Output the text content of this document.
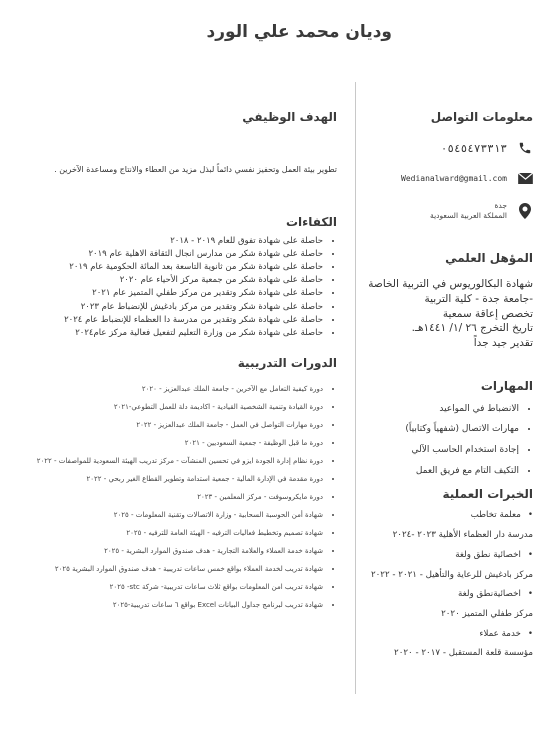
وديان محمد علي الورد
معلومات التواصل
٠٥٤٥٤٧٣٣١٣
Wedianalward@gmail.com
جدة
المملكة العربية السعودية
المؤهل العلمي
شهادة البكالوريوس في التربية الخاصة
-جامعة جدة - كلية التربية
تخصص إعاقة سمعية
تاريخ التخرج ٢٦ /١/ ١٤٤١هـ.
تقدير جيد جداً
المهارات
• الانضباط في المواعيد
• مهارات الاتصال (شفهياً وكتابياً)
• إجادة استخدام الحاسب الآلي
• التكيف التام مع فريق العمل
الخبرات العملية
• معلمة تخاطب
مدرسة دار العظماء الأهلية ٢٠٢٣ -٢٠٢٤
• اخصائية نطق ولغة
مركز بادغيش للرعاية والتأهيل - ٢٠٢١ - ٢٠٢٢
• اخصائيةنطق ولغة
مركز طفلي المتميز ٢٠٢٠
• خدمة عملاء
مؤسسة قلعة المستقبل - ٢٠١٧ - ٢٠٢٠
الهدف الوظيفي
تطوير بيئة العمل وتحفيز نفسي دائماً لبذل مزيد من العطاء والانتاج ومساعدة الآخرين .
الكفاءات
• حاصلة على شهادة تفوق للعام ٢٠١٩ - ٢٠١٨
• حاصلة على شهادة شكر من مدارس انجال الثقافة الاهلية عام ٢٠١٩
• حاصلة على شهادة شكر من ثانوية التاسعة بعد المائة الحكومية عام ٢٠١٩
• حاصلة على شهادة شكر من جمعية مركز الأحياء عام ٢٠٢٠
• حاصلة على شهادة شكر وتقدير من مركز طفلي المتميز عام ٢٠٢١
• حاصلة على شهادة شكر وتقدير من مركز بادغيش للإنضباط عام ٢٠٢٣
• حاصلة على شهادة شكر وتقدير من مدرسة دا العظماء للإنضباط عام ٢٠٢٤
• حاصلة على شهادة شكر من وزارة التعليم لتفعيل فعالية مركز عام٢٠٢٤
الدورات التدريبية
• دورة كيفية التعامل مع الآخرين - جامعة الملك عبدالعزيز - ٢٠٢٠
• دورة القيادة وتنمية الشخصية القيادية - اكاديمة دلة للعمل التطوعي-٢٠٢١
• دورة مهارات التواصل في العمل - جامعة الملك عبدالعزيز - ٢٠٢٢
• دورة ما قبل الوظيفة - جمعية السعوديين - ٢٠٢١
• دورة نظام إدارة الجودة ايزو في تحسين المنشآت - مركز تدريب الهيئة السعودية للمواصفات - ٢٠٢٢
• دورة مقدمة في الإدارة المالية - جمعية استدامة وتطوير القطاع الغير ربحي - ٢٠٢٢
• دورة مايكروسوفت - مركز المعلمين - ٢٠٢٣
• شهادة أمن الحوسبة السحابية - وزارة الاتصالات وتقنية المعلومات - ٢٠٢٥
• شهادة تصميم وتخطيط فعاليات الترفيه - الهيئة العامة للترفيه - ٢٠٢٥
• شهادة خدمة العملاء والعلامة التجارية - هدف صندوق الموارد البشرية - ٢٠٢٥
• شهادة تدريب لخدمة العملاء بواقع خمس ساعات تدريبية - هدف صندوق الموارد البشرية ٢٠٢٥
• شهادة تدريب امن المعلومات بواقع ثلاث ساعات تدريبية- شركة stc- ٢٠٢٥
• شهادة تدريب لبرنامج جداول البيانات Excel بواقع ٦ ساعات تدريبية-٢٠٢٥
